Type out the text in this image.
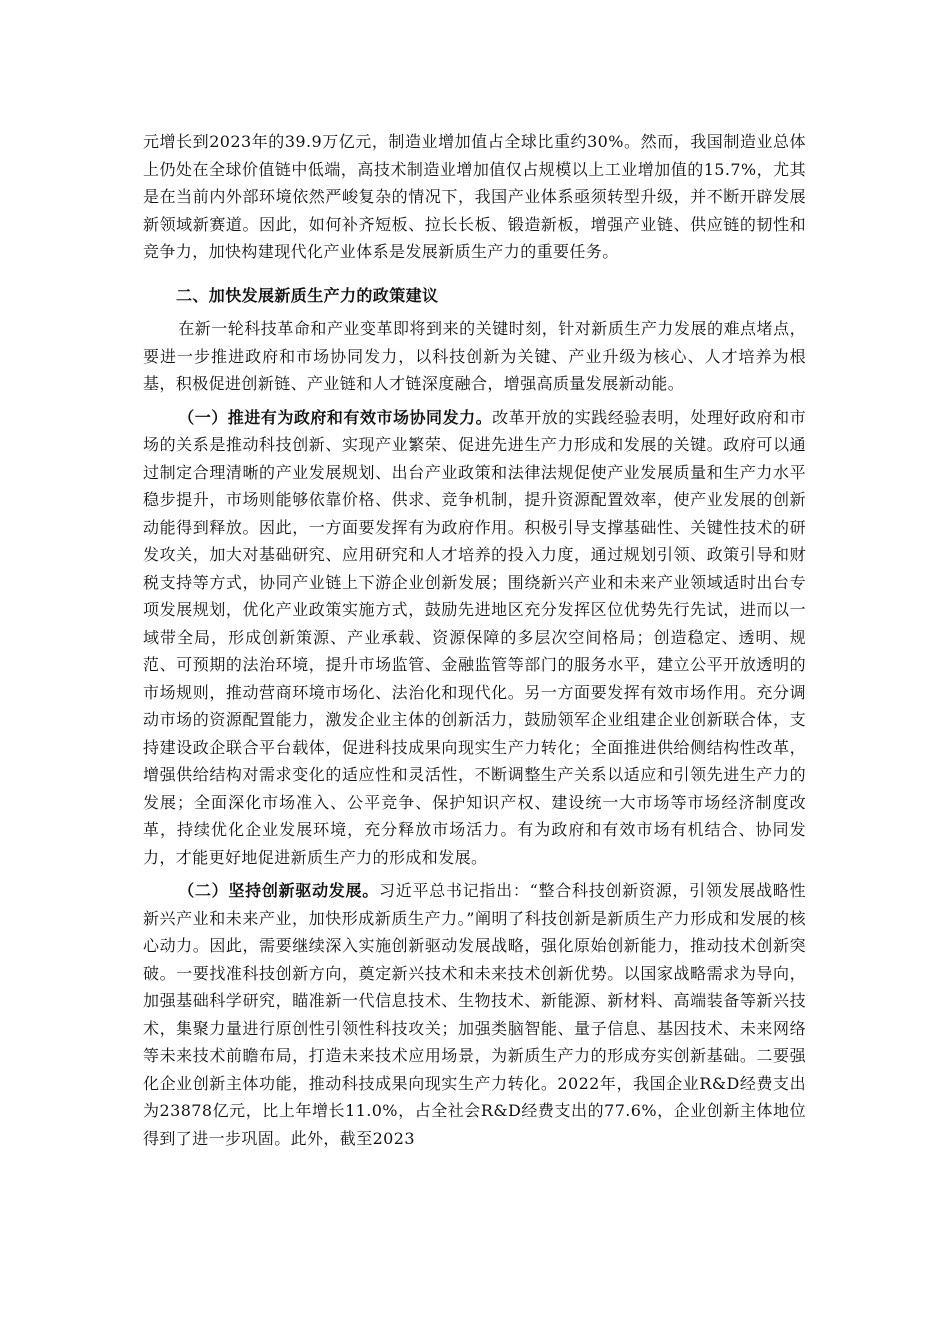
元增长到2023年的39.9万亿元，制造业增加值占全球比重约30%。然而，我国制造业总体上仍处在全球价值链中低端，高技术制造业增加值仅占规模以上工业增加值的15.7%，尤其是在当前内外部环境依然严峻复杂的情况下，我国产业体系亟须转型升级，并不断开辟发展新领域新赛道。因此，如何补齐短板、拉长长板、锻造新板，增强产业链、供应链的韧性和竞争力，加快构建现代化产业体系是发展新质生产力的重要任务。

二、加快发展新质生产力的政策建议

在新一轮科技革命和产业变革即将到来的关键时刻，针对新质生产力发展的难点堵点，要进一步推进政府和市场协同发力，以科技创新为关键、产业升级为核心、人才培养为根基，积极促进创新链、产业链和人才链深度融合，增强高质量发展新动能。

（一）推进有为政府和有效市场协同发力。改革开放的实践经验表明，处理好政府和市场的关系是推动科技创新、实现产业繁荣、促进先进生产力形成和发展的关键。政府可以通过制定合理清晰的产业发展规划、出台产业政策和法律法规促使产业发展质量和生产力水平稳步提升，市场则能够依靠价格、供求、竞争机制，提升资源配置效率，使产业发展的创新动能得到释放。因此，一方面要发挥有为政府作用。积极引导支撑基础性、关键性技术的研发攻关，加大对基础研究、应用研究和人才培养的投入力度，通过规划引领、政策引导和财税支持等方式，协同产业链上下游企业创新发展；围绕新兴产业和未来产业领域适时出台专项发展规划，优化产业政策实施方式，鼓励先进地区充分发挥区位优势先行先试，进而以一域带全局，形成创新策源、产业承载、资源保障的多层次空间格局；创造稳定、透明、规范、可预期的法治环境，提升市场监管、金融监管等部门的服务水平，建立公平开放透明的市场规则，推动营商环境市场化、法治化和现代化。另一方面要发挥有效市场作用。充分调动市场的资源配置能力，激发企业主体的创新活力，鼓励领军企业组建企业创新联合体，支持建设政企联合平台载体，促进科技成果向现实生产力转化；全面推进供给侧结构性改革，增强供给结构对需求变化的适应性和灵活性，不断调整生产关系以适应和引领先进生产力的发展；全面深化市场准入、公平竞争、保护知识产权、建设统一大市场等市场经济制度改革，持续优化企业发展环境，充分释放市场活力。有为政府和有效市场有机结合、协同发力，才能更好地促进新质生产力的形成和发展。

（二）坚持创新驱动发展。习近平总书记指出：“整合科技创新资源，引领发展战略性新兴产业和未来产业，加快形成新质生产力。”阐明了科技创新是新质生产力形成和发展的核心动力。因此，需要继续深入实施创新驱动发展战略，强化原始创新能力，推动技术创新突破。一要找准科技创新方向，奠定新兴技术和未来技术创新优势。以国家战略需求为导向，加强基础科学研究，瞄准新一代信息技术、生物技术、新能源、新材料、高端装备等新兴技术，集聚力量进行原创性引领性科技攻关；加强类脑智能、量子信息、基因技术、未来网络等未来技术前瞻布局，打造未来技术应用场景，为新质生产力的形成夯实创新基础。二要强化企业创新主体功能，推动科技成果向现实生产力转化。2022年，我国企业R&D经费支出为23878亿元，比上年增长11.0%，占全社会R&D经费支出的77.6%，企业创新主体地位得到了进一步巩固。此外，截至2023
